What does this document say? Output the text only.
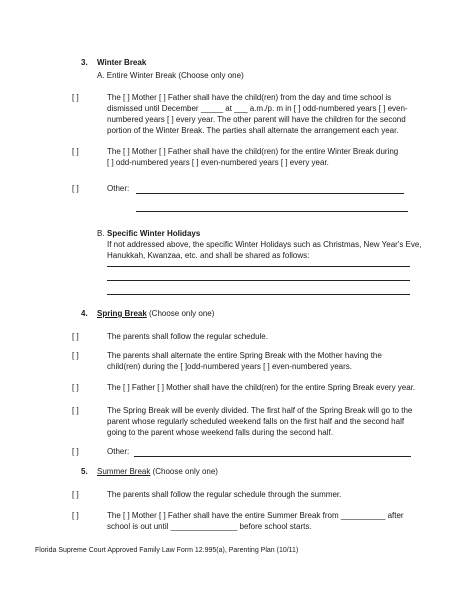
3. Winter Break
A. Entire Winter Break (Choose only one)
[ ]	The [ ] Mother [ ] Father shall have the child(ren) from the day and time school is
dismissed until December _____ at ___ a.m./p. m in [ ] odd-numbered years [ ] even-
numbered years [ ] every year. The other parent will have the children for the second
portion of the Winter Break. The parties shall alternate the arrangement each year.
[ ]	The [ ] Mother [ ] Father shall have the child(ren) for the entire Winter Break during
[ ] odd-numbered years [ ] even-numbered years [ ] every year.
[ ]	Other:
B. Specific Winter Holidays
If not addressed above, the specific Winter Holidays such as Christmas, New Year's Eve,
Hanukkah, Kwanzaa, etc. and shall be shared as follows:
4. Spring Break (Choose only one)
[ ]	The parents shall follow the regular schedule.
[ ]	The parents shall alternate the entire Spring Break with the Mother having the
child(ren) during the [ ]odd-numbered years [ ] even-numbered years.
[ ]	The [ ] Father [ ] Mother shall have the child(ren) for the entire Spring Break every year.
[ ]	The Spring Break will be evenly divided. The first half of the Spring Break will go to the
parent whose regularly scheduled weekend falls on the first half and the second half
going to the parent whose weekend falls during the second half.
[ ]	Other:
5. Summer Break (Choose only one)
[ ]	The parents shall follow the regular schedule through the summer.
[ ]	The [ ] Mother [ ] Father shall have the entire Summer Break from __________ after
school is out until _______________ before school starts.
Florida Supreme Court Approved Family Law Form 12.995(a), Parenting Plan (10/11)
